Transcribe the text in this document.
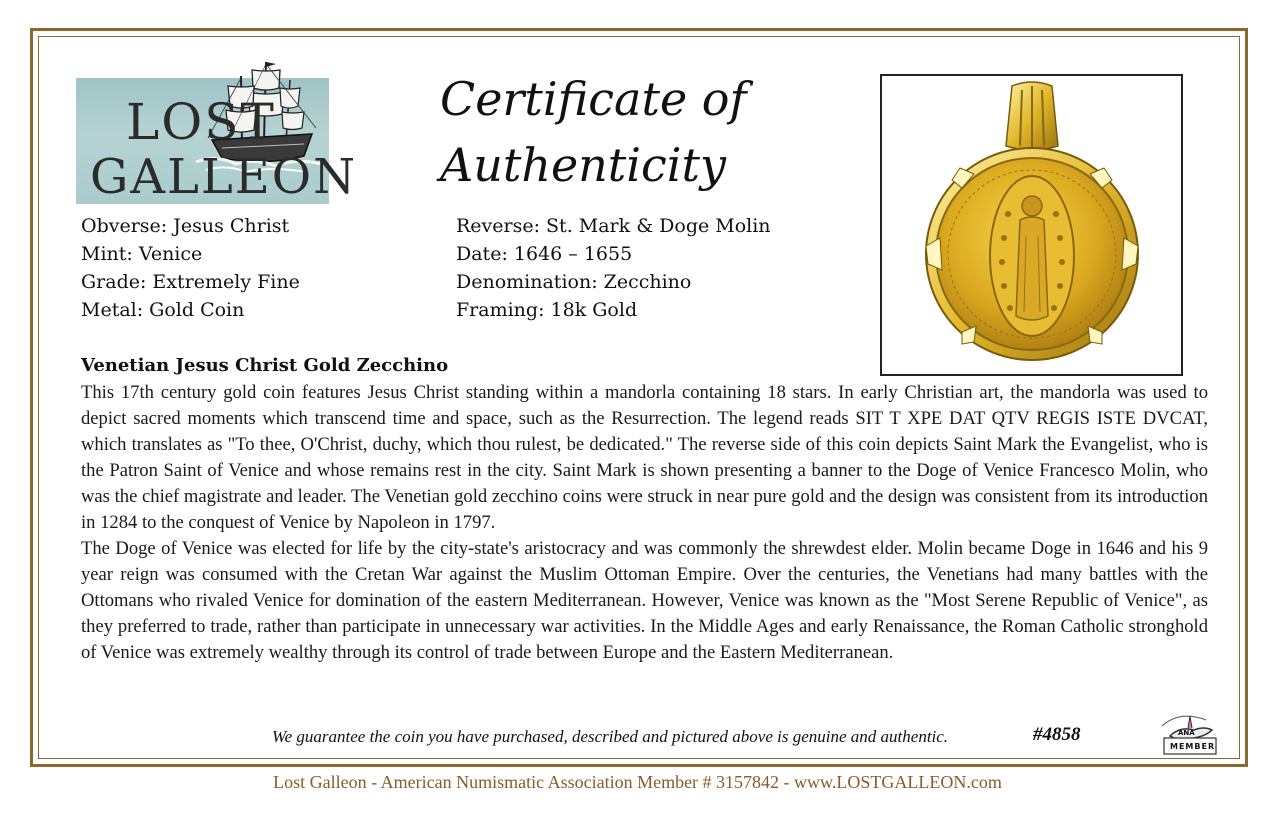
LOST
GALLEON
Certificate of
Authenticity
Obverse: Jesus Christ
Mint: Venice
Grade: Extremely Fine
Metal: Gold Coin
Reverse: St. Mark & Doge Molin
Date: 1646 – 1655
Denomination: Zecchino
Framing: 18k Gold
Venetian Jesus Christ Gold Zecchino

This 17th century gold coin features Jesus Christ standing within a mandorla containing 18 stars. In early Christian art, the mandorla was used to depict sacred moments which transcend time and space, such as the Resurrection. The legend reads SIT T XPE DAT QTV REGIS ISTE DVCAT, which translates as "To thee, O'Christ, duchy, which thou rulest, be dedicated." The reverse side of this coin depicts Saint Mark the Evangelist, who is the Patron Saint of Venice and whose remains rest in the city. Saint Mark is shown presenting a banner to the Doge of Venice Francesco Molin, who was the chief magistrate and leader. The Venetian gold zecchino coins were struck in near pure gold and the design was consistent from its introduction in 1284 to the conquest of Venice by Napoleon in 1797.

The Doge of Venice was elected for life by the city-state's aristocracy and was commonly the shrewdest elder. Molin became Doge in 1646 and his 9 year reign was consumed with the Cretan War against the Muslim Ottoman Empire. Over the centuries, the Venetians had many battles with the Ottomans who rivaled Venice for domination of the eastern Mediterranean. However, Venice was known as the "Most Serene Republic of Venice", as they preferred to trade, rather than participate in unnecessary war activities. In the Middle Ages and early Renaissance, the Roman Catholic stronghold of Venice was extremely wealthy through its control of trade between Europe and the Eastern Mediterranean.

We guarantee the coin you have purchased, described and pictured above is genuine and authentic.	#4858	ANA
MEMBER
Lost Galleon - American Numismatic Association Member # 3157842 - www.LOSTGALLEON.com
